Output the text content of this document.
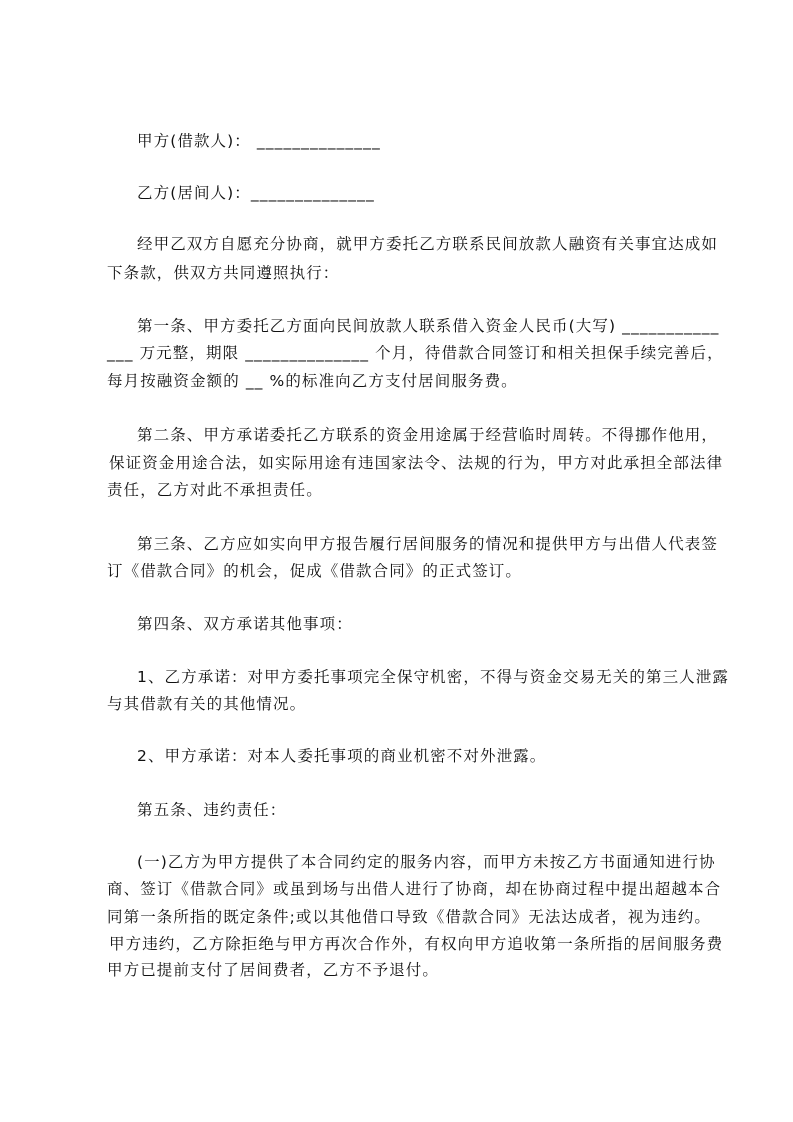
甲方(借款人)： ______________
乙方(居间人)：______________
经甲乙双方自愿充分协商，就甲方委托乙方联系民间放款人融资有关事宜达成如
下条款，供双方共同遵照执行：
第一条、甲方委托乙方面向民间放款人联系借入资金人民币(大写) ___________
___ 万元整，期限 ______________ 个月，待借款合同签订和相关担保手续完善后，
每月按融资金额的 __ %的标准向乙方支付居间服务费。
第二条、甲方承诺委托乙方联系的资金用途属于经营临时周转。不得挪作他用，
保证资金用途合法，如实际用途有违国家法令、法规的行为，甲方对此承担全部法律
责任，乙方对此不承担责任。
第三条、乙方应如实向甲方报告履行居间服务的情况和提供甲方与出借人代表签
订《借款合同》的机会，促成《借款合同》的正式签订。
第四条、双方承诺其他事项：
1、乙方承诺：对甲方委托事项完全保守机密，不得与资金交易无关的第三人泄露
与其借款有关的其他情况。
2、甲方承诺：对本人委托事项的商业机密不对外泄露。
第五条、违约责任：
(一)乙方为甲方提供了本合同约定的服务内容，而甲方未按乙方书面通知进行协
商、签订《借款合同》或虽到场与出借人进行了协商，却在协商过程中提出超越本合
同第一条所指的既定条件;或以其他借口导致《借款合同》无法达成者，视为违约。
甲方违约，乙方除拒绝与甲方再次合作外，有权向甲方追收第一条所指的居间服务费
甲方已提前支付了居间费者，乙方不予退付。
